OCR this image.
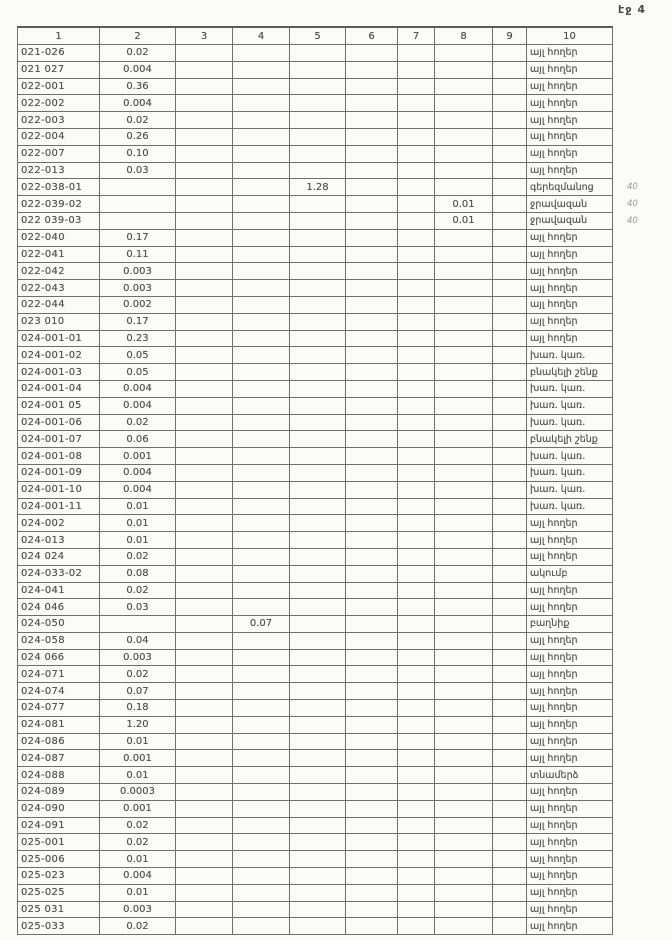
էջ 4
1	2	3	4	5	6	7	8	9	10	
021-026	0.02								այլ հողեր	
021 027	0.004								այլ հողեր	
022-001	0.36								այլ հողեր	
022-002	0.004								այլ հողեր	
022-003	0.02								այլ հողեր	
022-004	0.26								այլ հողեր	
022-007	0.10								այլ հողեր	
022-013	0.03								այլ հողեր	
022-038-01				1.28					գերեզմանոց	40
022-039-02							0.01		ջրավազան	40
022 039-03							0.01		ջրավազան	40
022-040	0.17								այլ հողեր	
022-041	0.11								այլ հողեր	
022-042	0.003								այլ հողեր	
022-043	0.003								այլ հողեր	
022-044	0.002								այլ հողեր	
023 010	0.17								այլ հողեր	
024-001-01	0.23								այլ հողեր	
024-001-02	0.05								խառ. կառ.	
024-001-03	0.05								բնակելի շենք	
024-001-04	0.004								խառ. կառ.	
024-001 05	0.004								խառ. կառ.	
024-001-06	0.02								խառ. կառ.	
024-001-07	0.06								բնակելի շենք	
024-001-08	0.001								խառ. կառ.	
024-001-09	0.004								խառ. կառ.	
024-001-10	0.004								խառ. կառ.	
024-001-11	0.01								խառ. կառ.	
024-002	0.01								այլ հողեր	
024-013	0.01								այլ հողեր	
024 024	0.02								այլ հողեր	
024-033-02	0.08								ակումբ	
024-041	0.02								այլ հողեր	
024 046	0.03								այլ հողեր	
024-050			0.07						բաղնիք	
024-058	0.04								այլ հողեր	
024 066	0.003								այլ հողեր	
024-071	0.02								այլ հողեր	
024-074	0.07								այլ հողեր	
024-077	0.18								այլ հողեր	
024-081	1.20								այլ հողեր	
024-086	0.01								այլ հողեր	
024-087	0.001								այլ հողեր	
024-088	0.01								տնամերձ	
024-089	0.0003								այլ հողեր	
024-090	0.001								այլ հողեր	
024-091	0.02								այլ հողեր	
025-001	0.02								այլ հողեր	
025-006	0.01								այլ հողեր	
025-023	0.004								այլ հողեր	
025-025	0.01								այլ հողեր	
025 031	0.003								այլ հողեր	
025-033	0.02								այլ հողեր	
